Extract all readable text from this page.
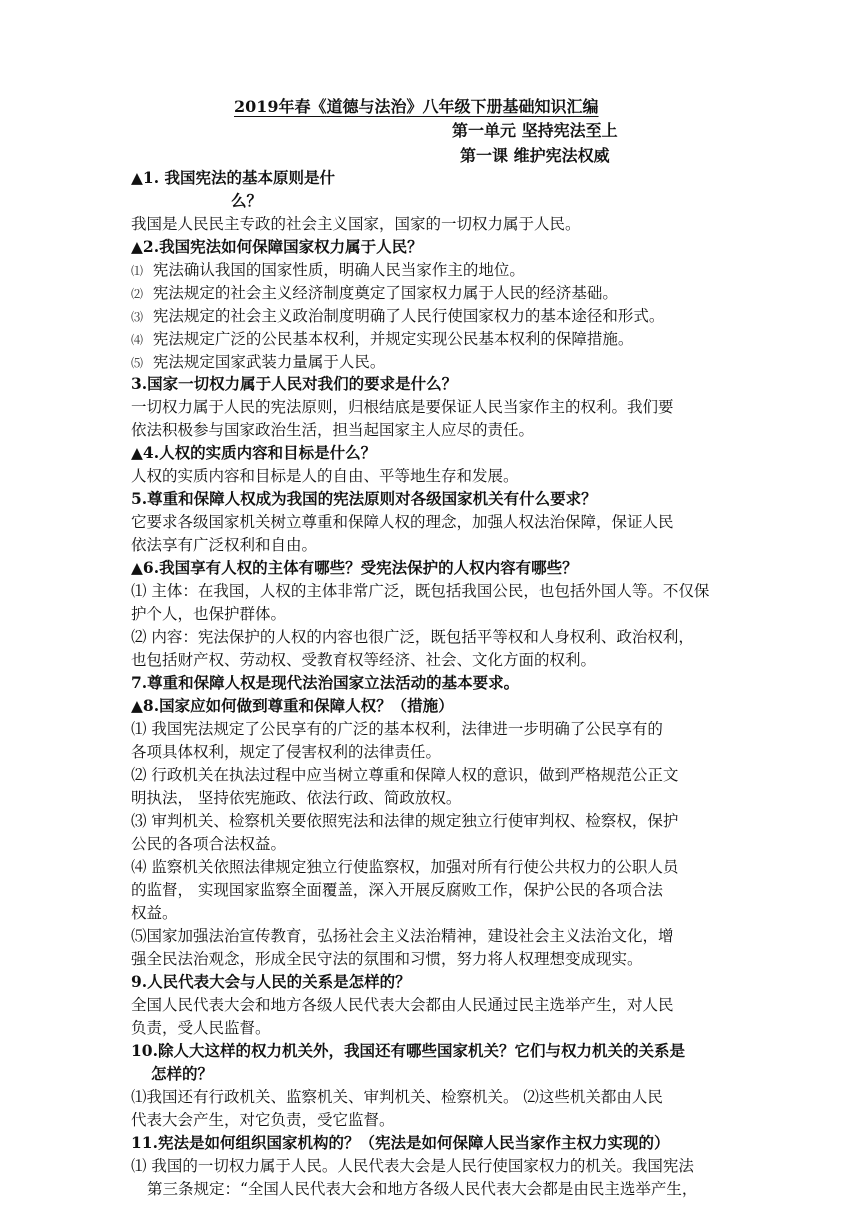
2019年春《道德与法治》八年级下册基础知识汇编
第一单元 坚持宪法至上
第一课 维护宪法权威
▲1. 我国宪法的基本原则是什
么？
我国是人民民主专政的社会主义国家，国家的一切权力属于人民。
▲2.我国宪法如何保障国家权力属于人民？
⑴ 宪法确认我国的国家性质，明确人民当家作主的地位。
⑵ 宪法规定的社会主义经济制度奠定了国家权力属于人民的经济基础。
⑶ 宪法规定的社会主义政治制度明确了人民行使国家权力的基本途径和形式。
⑷ 宪法规定广泛的公民基本权利，并规定实现公民基本权利的保障措施。
⑸ 宪法规定国家武装力量属于人民。
3.国家一切权力属于人民对我们的要求是什么？
一切权力属于人民的宪法原则，归根结底是要保证人民当家作主的权利。我们要
依法积极参与国家政治生活，担当起国家主人应尽的责任。
▲4.人权的实质内容和目标是什么？
人权的实质内容和目标是人的自由、平等地生存和发展。
5.尊重和保障人权成为我国的宪法原则对各级国家机关有什么要求？
它要求各级国家机关树立尊重和保障人权的理念，加强人权法治保障，保证人民
依法享有广泛权利和自由。
▲6.我国享有人权的主体有哪些？受宪法保护的人权内容有哪些？
⑴ 主体：在我国，人权的主体非常广泛，既包括我国公民，也包括外国人等。不仅保
护个人，也保护群体。
⑵ 内容：宪法保护的人权的内容也很广泛，既包括平等权和人身权利、政治权利，
也包括财产权、劳动权、受教育权等经济、社会、文化方面的权利。
7.尊重和保障人权是现代法治国家立法活动的基本要求。
▲8.国家应如何做到尊重和保障人权？（措施）
⑴ 我国宪法规定了公民享有的广泛的基本权利，法律进一步明确了公民享有的
各项具体权利，规定了侵害权利的法律责任。
⑵ 行政机关在执法过程中应当树立尊重和保障人权的意识，做到严格规范公正文
明执法， 坚持依宪施政、依法行政、简政放权。
⑶ 审判机关、检察机关要依照宪法和法律的规定独立行使审判权、检察权，保护
公民的各项合法权益。
⑷ 监察机关依照法律规定独立行使监察权，加强对所有行使公共权力的公职人员
的监督， 实现国家监察全面覆盖，深入开展反腐败工作，保护公民的各项合法
权益。
⑸国家加强法治宣传教育，弘扬社会主义法治精神，建设社会主义法治文化，增
强全民法治观念，形成全民守法的氛围和习惯，努力将人权理想变成现实。
9.人民代表大会与人民的关系是怎样的？
全国人民代表大会和地方各级人民代表大会都由人民通过民主选举产生，对人民
负责，受人民监督。
10.除人大这样的权力机关外，我国还有哪些国家机关？它们与权力机关的关系是
怎样的？
⑴我国还有行政机关、监察机关、审判机关、检察机关。 ⑵这些机关都由人民
代表大会产生，对它负责，受它监督。
11.宪法是如何组织国家机构的？（宪法是如何保障人民当家作主权力实现的）
⑴ 我国的一切权力属于人民。人民代表大会是人民行使国家权力的机关。我国宪法
第三条规定：“全国人民代表大会和地方各级人民代表大会都是由民主选举产生，
